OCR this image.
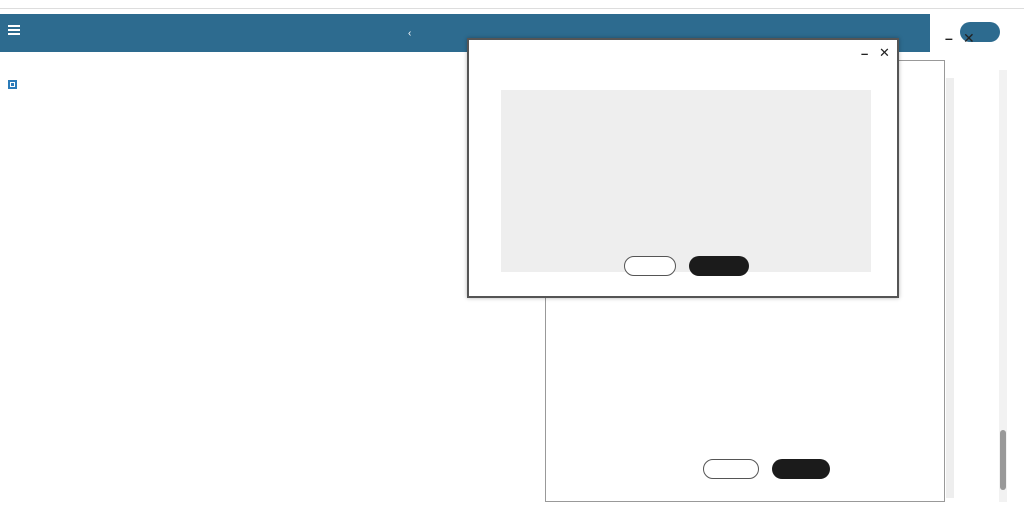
‹	– ✕
– ✕
